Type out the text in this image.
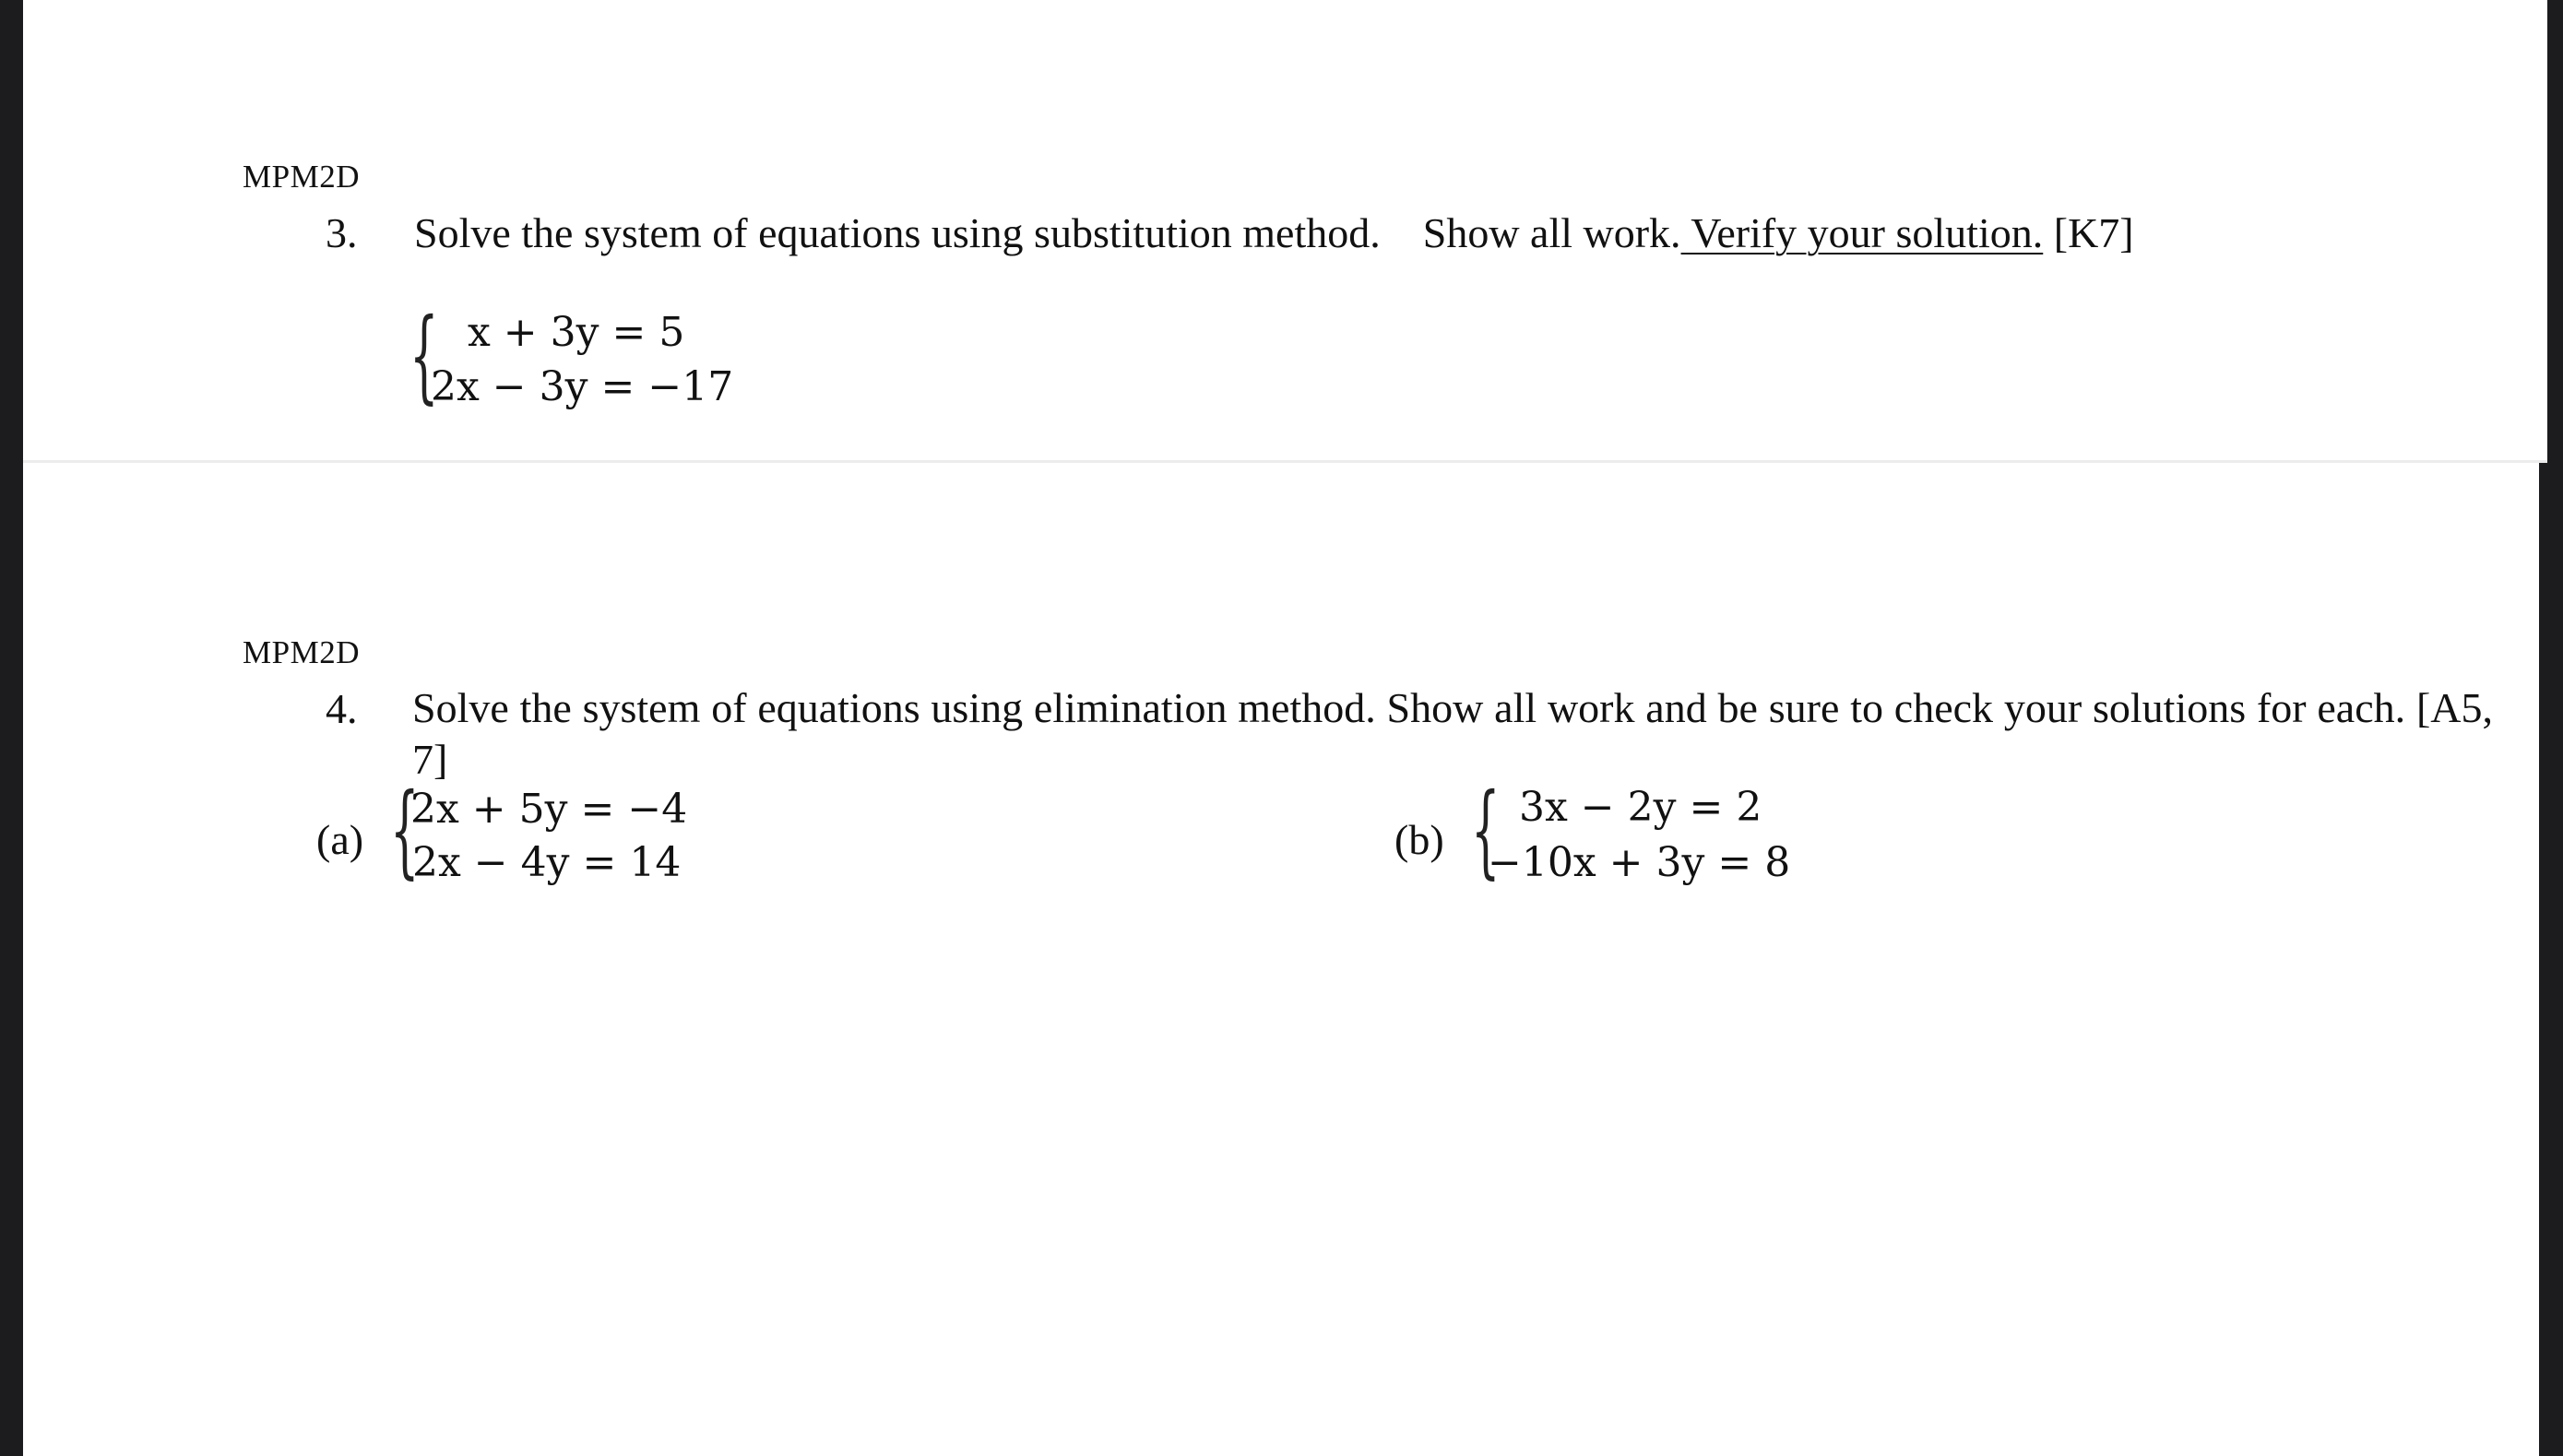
MPM2D
3. Solve the system of equations using substitution method.    Show all work. Verify your solution. [K7]
{ x + 3y = 5
2x − 3y = −17
MPM2D
4. Solve the system of equations using elimination method. Show all work and be sure to check your solutions for each. [A5, 7]
(a) {
2x + 5y = −4
2x − 4y = 14	(b) { 3x − 2y = 2
−10x + 3y = 8
